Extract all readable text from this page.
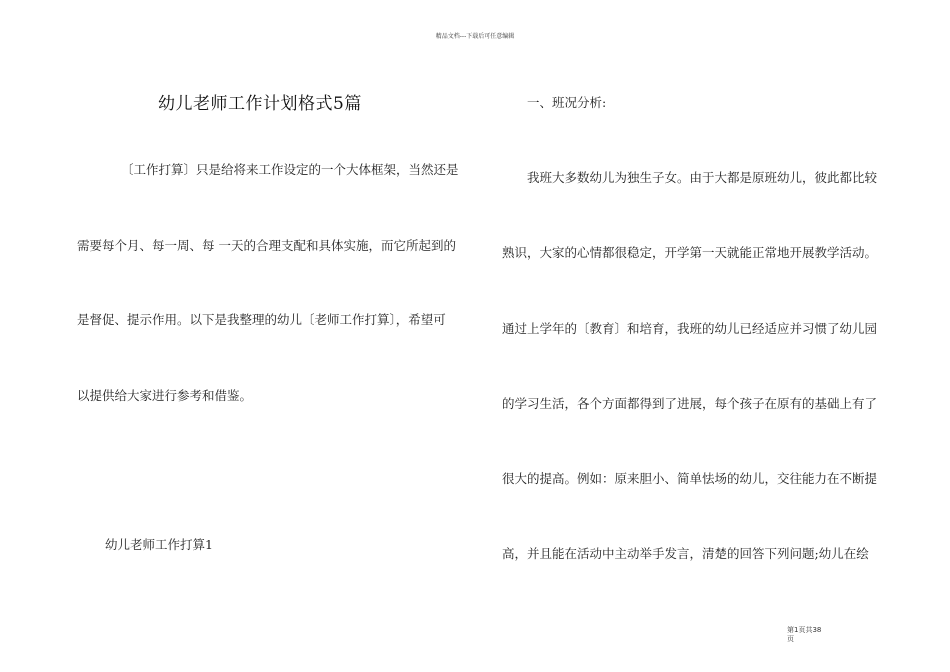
精品文档---下载后可任意编辑
幼儿老师工作计划格式5篇
〔工作打算〕只是给将来工作设定的一个大体框架，当然还是
需要每个月、每一周、每 一天的合理支配和具体实施，而它所起到的
是督促、提示作用。以下是我整理的幼儿〔老师工作打算〕，希望可
以提供给大家进行参考和借鉴。
幼儿老师工作打算1
一、班况分析:
我班大多数幼儿为独生子女。由于大都是原班幼儿，彼此都比较
熟识，大家的心情都很稳定，开学第一天就能正常地开展教学活动。
通过上学年的〔教育〕和培育，我班的幼儿已经适应并习惯了幼儿园
的学习生活，各个方面都得到了进展，每个孩子在原有的基础上有了
很大的提高。例如：原来胆小、简单怯场的幼儿，交往能力在不断提
高，并且能在活动中主动举手发言，清楚的回答下列问题;幼儿在绘
第1页共38
页
